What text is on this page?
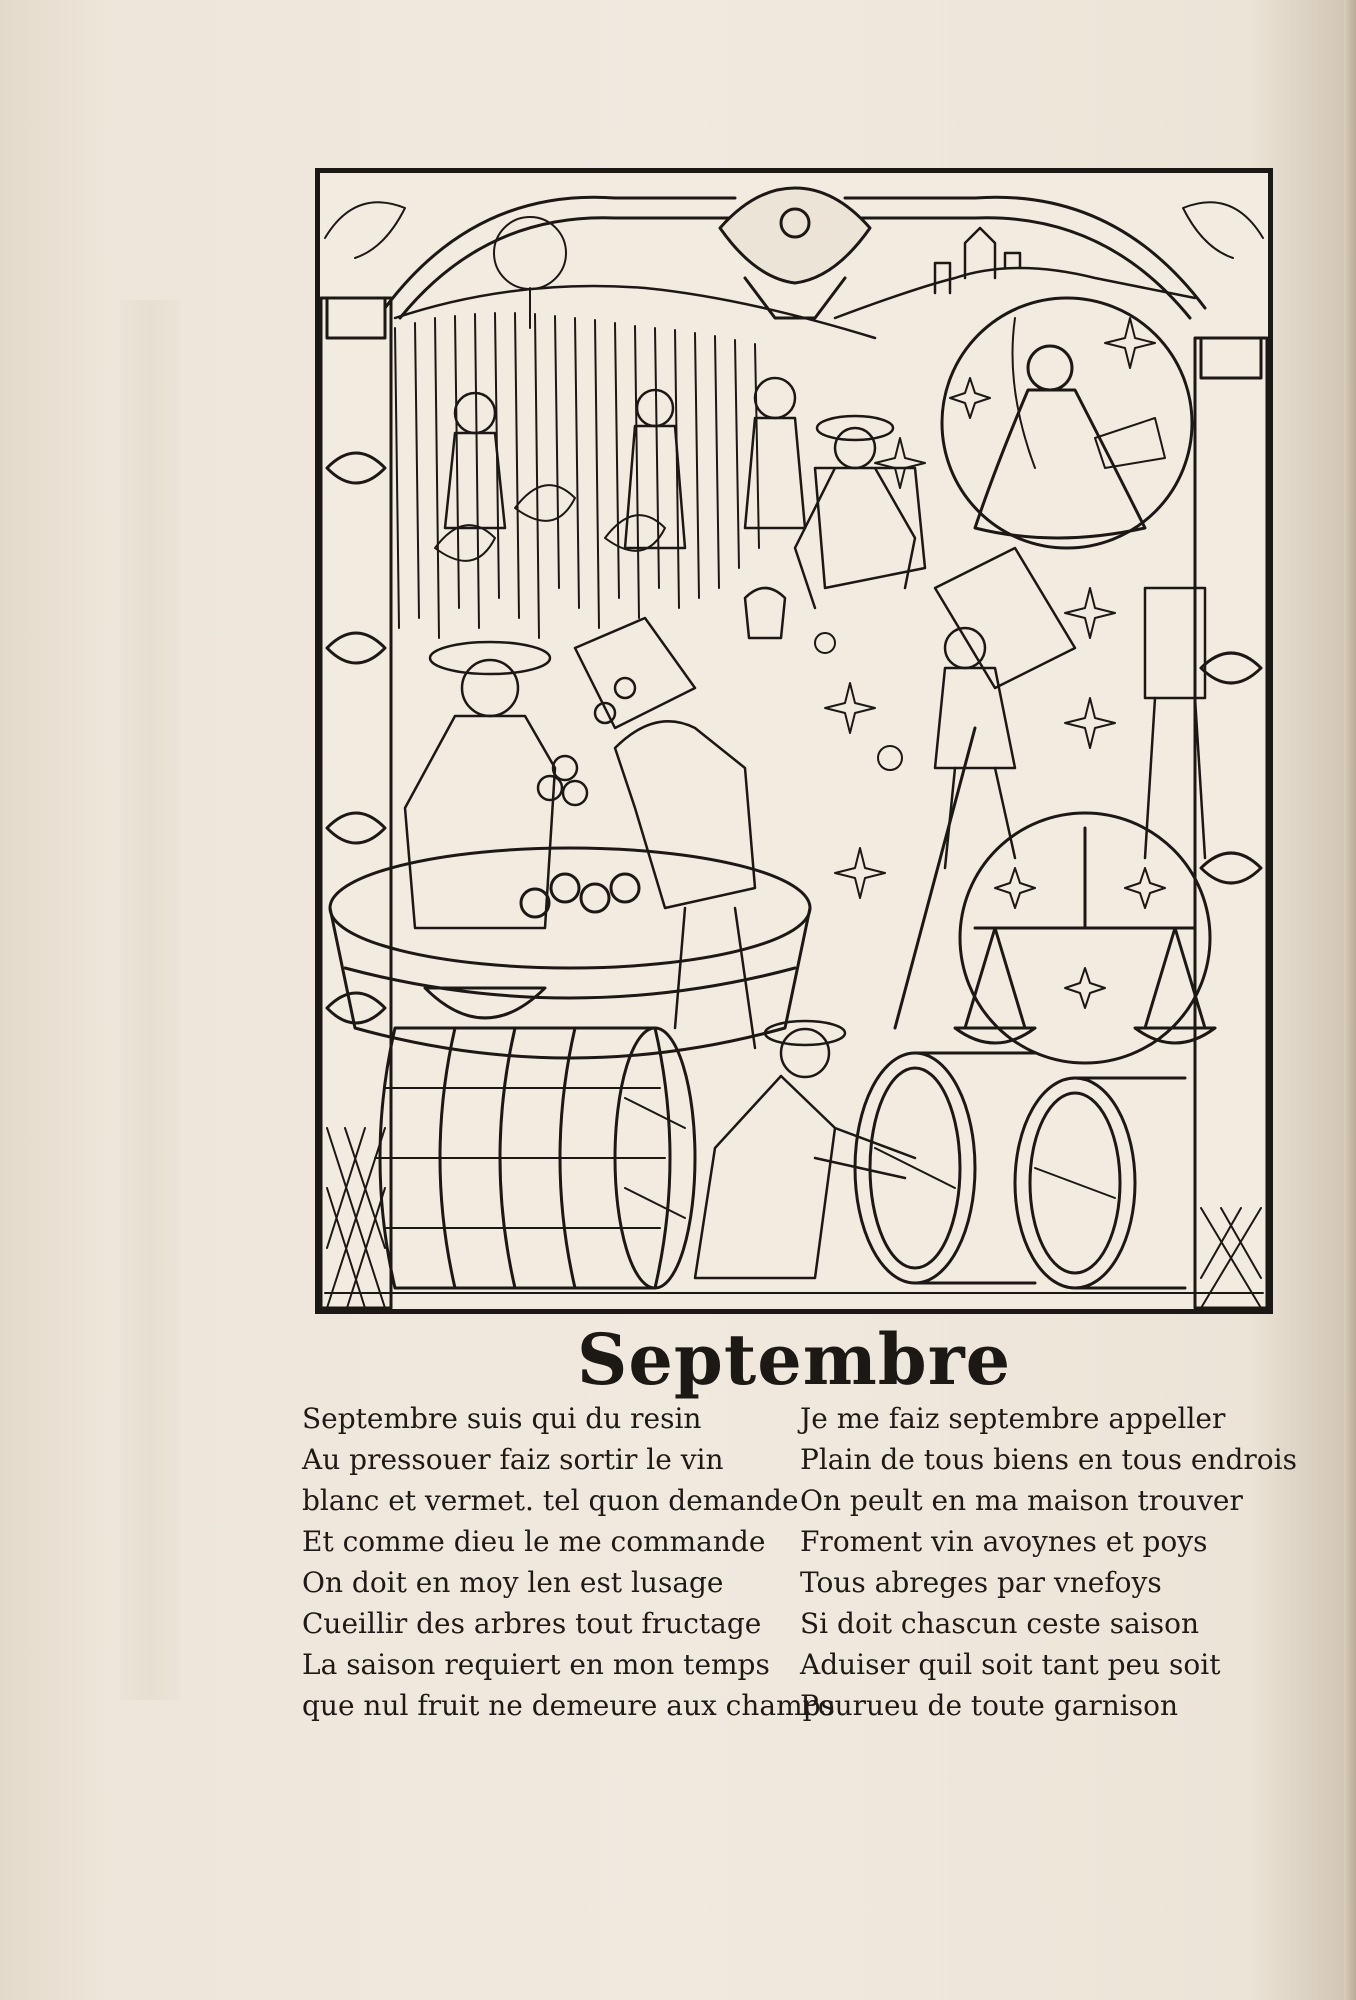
Septembre
Septembre suis qui du resin
Au pressouer faiz sortir le vin
blanc et vermet. tel quon demande
Et comme dieu le me commande
On doit en moy len est lusage
Cueillir des arbres tout fructage
La saison requiert en mon temps
que nul fruit ne demeure aux champs
Je me faiz septembre appeller
Plain de tous biens en tous endrois
On peult en ma maison trouver
Froment vin avoynes et poys
Tous abreges par vnefoys
Si doit chascun ceste saison
Aduiser quil soit tant peu soit
Pourueu de toute garnison
